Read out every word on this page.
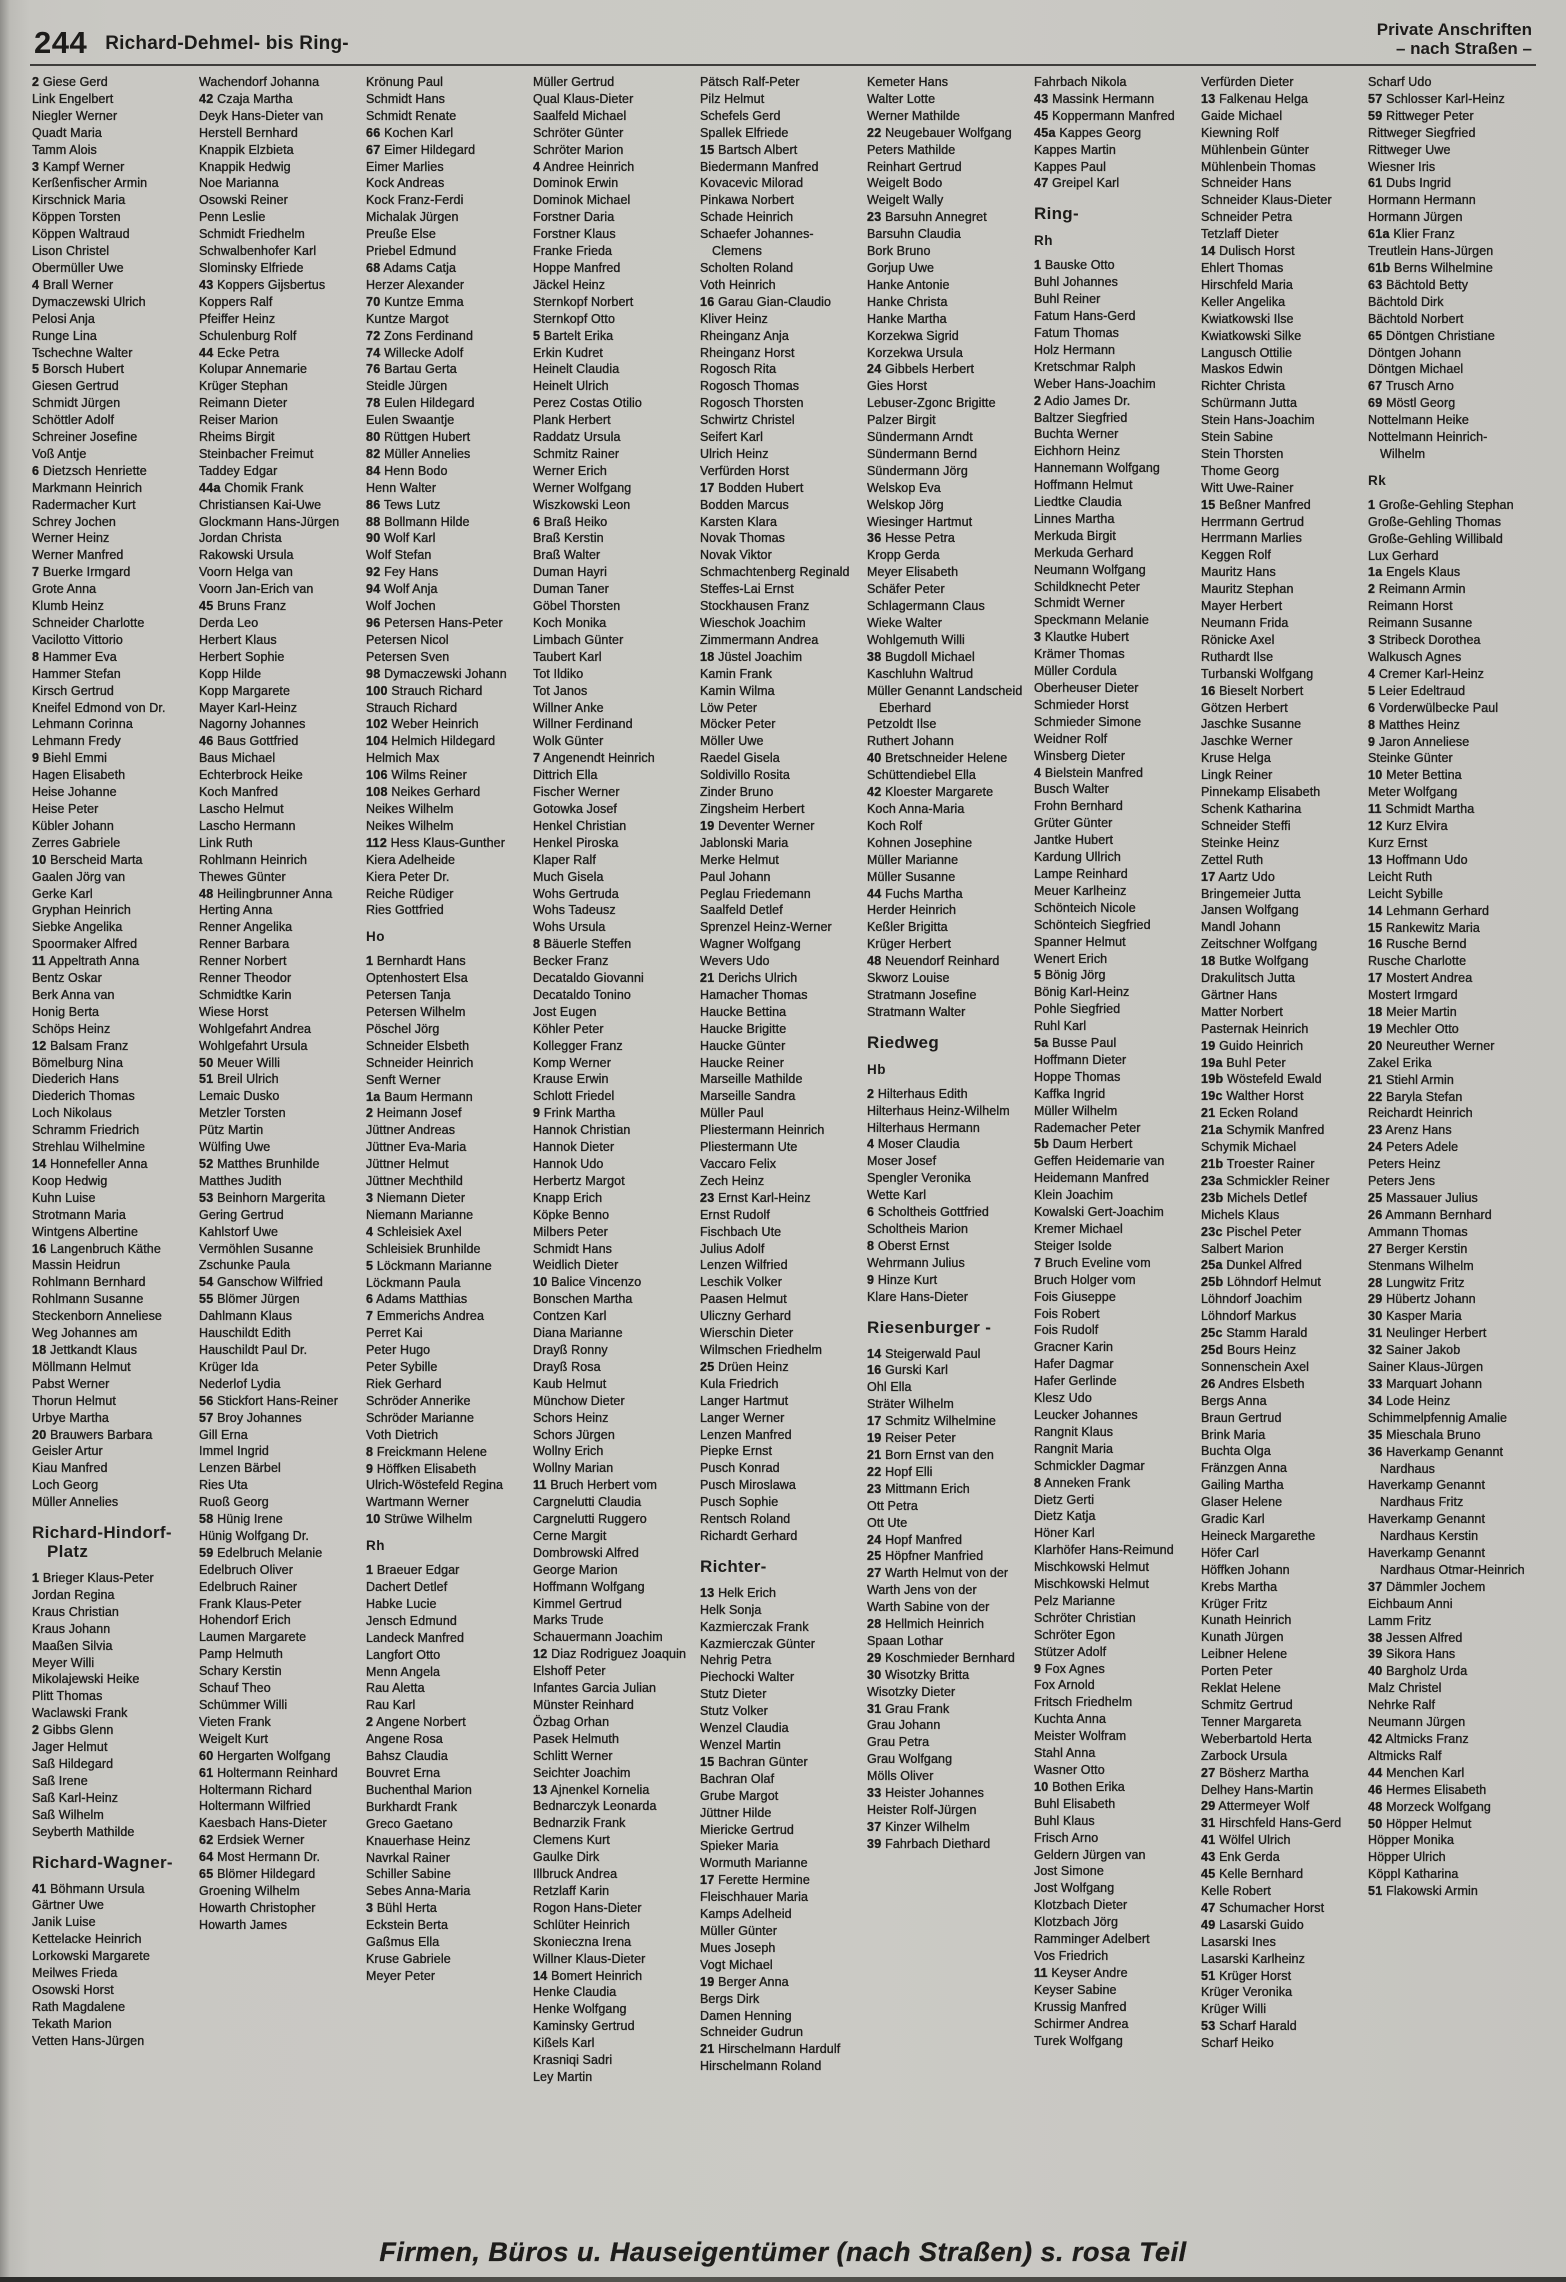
244 Richard-Dehmel- bis Ring-
Private Anschriften
– nach Straßen –
2 Giese Gerd
Link Engelbert
Niegler Werner
Quadt Maria
Tamm Alois
3 Kampf Werner
Kerßenfischer Armin
Kirschnick Maria
Köppen Torsten
Köppen Waltraud
Lison Christel
Obermüller Uwe
4 Brall Werner
Dymaczewski Ulrich
Pelosi Anja
Runge Lina
Tschechne Walter
5 Borsch Hubert
Giesen Gertrud
Schmidt Jürgen
Schöttler Adolf
Schreiner Josefine
Voß Antje
6 Dietzsch Henriette
Markmann Heinrich
Radermacher Kurt
Schrey Jochen
Werner Heinz
Werner Manfred
7 Buerke Irmgard
Grote Anna
Klumb Heinz
Schneider Charlotte
Vacilotto Vittorio
8 Hammer Eva
Hammer Stefan
Kirsch Gertrud
Kneifel Edmond von Dr.
Lehmann Corinna
Lehmann Fredy
9 Biehl Emmi
Hagen Elisabeth
Heise Johanne
Heise Peter
Kübler Johann
Zerres Gabriele
10 Berscheid Marta
Gaalen Jörg van
Gerke Karl
Gryphan Heinrich
Siebke Angelika
Spoormaker Alfred
11 Appeltrath Anna
Bentz Oskar
Berk Anna van
Honig Berta
Schöps Heinz
12 Balsam Franz
Bömelburg Nina
Diederich Hans
Diederich Thomas
Loch Nikolaus
Schramm Friedrich
Strehlau Wilhelmine
14 Honnefeller Anna
Koop Hedwig
Kuhn Luise
Strotmann Maria
Wintgens Albertine
16 Langenbruch Käthe
Massin Heidrun
Rohlmann Bernhard
Rohlmann Susanne
Steckenborn Anneliese
Weg Johannes am
18 Jettkandt Klaus
Möllmann Helmut
Pabst Werner
Thorun Helmut
Urbye Martha
20 Brauwers Barbara
Geisler Artur
Kiau Manfred
Loch Georg
Müller Annelies
Richard-Hindorf-Platz
1 Brieger Klaus-Peter
Jordan Regina
Kraus Christian
Kraus Johann
Maaßen Silvia
Meyer Willi
Mikolajewski Heike
Plitt Thomas
Waclawski Frank
2 Gibbs Glenn
Jager Helmut
Saß Hildegard
Saß Irene
Saß Karl-Heinz
Saß Wilhelm
Seyberth Mathilde
Richard-Wagner-
41 Böhmann Ursula
Gärtner Uwe
Janik Luise
Kettelacke Heinrich
Lorkowski Margarete
Meilwes Frieda
Osowski Horst
Rath Magdalene
Tekath Marion
Vetten Hans-Jürgen
Wachendorf Johanna
42 Czaja Martha
Deyk Hans-Dieter van
Herstell Bernhard
Knappik Elzbieta
Knappik Hedwig
Noe Marianna
Osowski Reiner
Penn Leslie
Schmidt Friedhelm
Schwalbenhofer Karl
Slominsky Elfriede
43 Koppers Gijsbertus
Koppers Ralf
Pfeiffer Heinz
Schulenburg Rolf
44 Ecke Petra
Kolupar Annemarie
Krüger Stephan
Reimann Dieter
Reiser Marion
Rheims Birgit
Steinbacher Freimut
Taddey Edgar
44a Chomik Frank
Christiansen Kai-Uwe
Glockmann Hans-Jürgen
Jordan Christa
Rakowski Ursula
Voorn Helga van
Voorn Jan-Erich van
45 Bruns Franz
Derda Leo
Herbert Klaus
Herbert Sophie
Kopp Hilde
Kopp Margarete
Mayer Karl-Heinz
Nagorny Johannes
46 Baus Gottfried
Baus Michael
Echterbrock Heike
Koch Manfred
Lascho Helmut
Lascho Hermann
Link Ruth
Rohlmann Heinrich
Thewes Günter
48 Heilingbrunner Anna
Herting Anna
Renner Angelika
Renner Barbara
Renner Norbert
Renner Theodor
Schmidtke Karin
Wiese Horst
Wohlgefahrt Andrea
Wohlgefahrt Ursula
50 Meuer Willi
51 Breil Ulrich
Lemaic Dusko
Metzler Torsten
Pütz Martin
Wülfing Uwe
52 Matthes Brunhilde
Matthes Judith
53 Beinhorn Margerita
Gering Gertrud
Kahlstorf Uwe
Vermöhlen Susanne
Zschunke Paula
54 Ganschow Wilfried
55 Blömer Jürgen
Dahlmann Klaus
Hauschildt Edith
Hauschildt Paul Dr.
Krüger Ida
Nederlof Lydia
56 Stickfort Hans-Reiner
57 Broy Johannes
Gill Erna
Immel Ingrid
Lenzen Bärbel
Ries Uta
Ruoß Georg
58 Hünig Irene
Hünig Wolfgang Dr.
59 Edelbruch Melanie
Edelbruch Oliver
Edelbruch Rainer
Frank Klaus-Peter
Hohendorf Erich
Laumen Margarete
Pamp Helmuth
Schary Kerstin
Schauf Theo
Schümmer Willi
Vieten Frank
Weigelt Kurt
60 Hergarten Wolfgang
61 Holtermann Reinhard
Holtermann Richard
Holtermann Wilfried
Kaesbach Hans-Dieter
62 Erdsiek Werner
64 Most Hermann Dr.
65 Blömer Hildegard
Groening Wilhelm
Howarth Christopher
Howarth James
Krönung Paul
Schmidt Hans
Schmidt Renate
66 Kochen Karl
67 Eimer Hildegard
Eimer Marlies
Kock Andreas
Kock Franz-Ferdi
Michalak Jürgen
Preuße Else
Priebel Edmund
68 Adams Catja
Herzer Alexander
70 Kuntze Emma
Kuntze Margot
72 Zons Ferdinand
74 Willecke Adolf
76 Bartau Gerta
Steidle Jürgen
78 Eulen Hildegard
Eulen Swaantje
80 Rüttgen Hubert
82 Müller Annelies
84 Henn Bodo
Henn Walter
86 Tews Lutz
88 Bollmann Hilde
90 Wolf Karl
Wolf Stefan
92 Fey Hans
94 Wolf Anja
Wolf Jochen
96 Petersen Hans-Peter
Petersen Nicol
Petersen Sven
98 Dymaczewski Johann
100 Strauch Richard
Strauch Richard
102 Weber Heinrich
104 Helmich Hildegard
Helmich Max
106 Wilms Reiner
108 Neikes Gerhard
Neikes Wilhelm
Neikes Wilhelm
112 Hess Klaus-Gunther
Kiera Adelheide
Kiera Peter Dr.
Reiche Rüdiger
Ries Gottfried
Ho
1 Bernhardt Hans
Optenhostert Elsa
Petersen Tanja
Petersen Wilhelm
Pöschel Jörg
Schneider Elsbeth
Schneider Heinrich
Senft Werner
1a Baum Hermann
2 Heimann Josef
Jüttner Andreas
Jüttner Eva-Maria
Jüttner Helmut
Jüttner Mechthild
3 Niemann Dieter
Niemann Marianne
4 Schleisiek Axel
Schleisiek Brunhilde
5 Löckmann Marianne
Löckmann Paula
6 Adams Matthias
7 Emmerichs Andrea
Perret Kai
Peter Hugo
Peter Sybille
Riek Gerhard
Schröder Annerike
Schröder Marianne
Voth Dietrich
8 Freickmann Helene
9 Höffken Elisabeth
Ulrich-Wöstefeld Regina
Wartmann Werner
10 Strüwe Wilhelm
Rh
1 Braeuer Edgar
Dachert Detlef
Habke Lucie
Jensch Edmund
Landeck Manfred
Langfort Otto
Menn Angela
Rau Aletta
Rau Karl
2 Angene Norbert
Angene Rosa
Bahsz Claudia
Bouvret Erna
Buchenthal Marion
Burkhardt Frank
Greco Gaetano
Knauerhase Heinz
Navrkal Rainer
Schiller Sabine
Sebes Anna-Maria
3 Bühl Herta
Eckstein Berta
Gaßmus Ella
Kruse Gabriele
Meyer Peter
Müller Gertrud
Qual Klaus-Dieter
Saalfeld Michael
Schröter Günter
Schröter Marion
4 Andree Heinrich
Dominok Erwin
Dominok Michael
Forstner Daria
Forstner Klaus
Franke Frieda
Hoppe Manfred
Jäckel Heinz
Sternkopf Norbert
Sternkopf Otto
5 Bartelt Erika
Erkin Kudret
Heinelt Claudia
Heinelt Ulrich
Perez Costas Otilio
Plank Herbert
Raddatz Ursula
Schmitz Rainer
Werner Erich
Werner Wolfgang
Wiszkowski Leon
6 Braß Heiko
Braß Kerstin
Braß Walter
Duman Hayri
Duman Taner
Göbel Thorsten
Koch Monika
Limbach Günter
Taubert Karl
Tot Ildiko
Tot Janos
Willner Anke
Willner Ferdinand
Wolk Günter
7 Angenendt Heinrich
Dittrich Ella
Fischer Werner
Gotowka Josef
Henkel Christian
Henkel Piroska
Klaper Ralf
Much Gisela
Wohs Gertruda
Wohs Tadeusz
Wohs Ursula
8 Bäuerle Steffen
Becker Franz
Decataldo Giovanni
Decataldo Tonino
Jost Eugen
Köhler Peter
Kollegger Franz
Komp Werner
Krause Erwin
Schlott Friedel
9 Frink Martha
Hannok Christian
Hannok Dieter
Hannok Udo
Herbertz Margot
Knapp Erich
Köpke Benno
Milbers Peter
Schmidt Hans
Weidlich Dieter
10 Balice Vincenzo
Bonschen Martha
Contzen Karl
Diana Marianne
Drayß Ronny
Drayß Rosa
Kaub Helmut
Münchow Dieter
Schors Heinz
Schors Jürgen
Wollny Erich
Wollny Marian
11 Bruch Herbert vom
Cargnelutti Claudia
Cargnelutti Ruggero
Cerne Margit
Dombrowski Alfred
George Marion
Hoffmann Wolfgang
Kimmel Gertrud
Marks Trude
Schauermann Joachim
12 Diaz Rodriguez Joaquin
Elshoff Peter
Infantes Garcia Julian
Münster Reinhard
Özbag Orhan
Pasek Helmuth
Schlitt Werner
Seichter Joachim
13 Ajnenkel Kornelia
Bednarczyk Leonarda
Bednarzik Frank
Clemens Kurt
Gaulke Dirk
Illbruck Andrea
Retzlaff Karin
Rogon Hans-Dieter
Schlüter Heinrich
Skonieczna Irena
Willner Klaus-Dieter
14 Bomert Heinrich
Henke Claudia
Henke Wolfgang
Kaminsky Gertrud
Kißels Karl
Krasniqi Sadri
Ley Martin
Pätsch Ralf-Peter
Pilz Helmut
Schefels Gerd
Spallek Elfriede
15 Bartsch Albert
Biedermann Manfred
Kovacevic Milorad
Pinkawa Norbert
Schade Heinrich
Schaefer Johannes-Clemens
Scholten Roland
Voth Heinrich
16 Garau Gian-Claudio
Kliver Heinz
Rheinganz Anja
Rheinganz Horst
Rogosch Rita
Rogosch Thomas
Rogosch Thorsten
Schwirtz Christel
Seifert Karl
Ulrich Heinz
Verfürden Horst
17 Bodden Hubert
Bodden Marcus
Karsten Klara
Novak Thomas
Novak Viktor
Schmachtenberg Reginald
Steffes-Lai Ernst
Stockhausen Franz
Wieschok Joachim
Zimmermann Andrea
18 Jüstel Joachim
Kamin Frank
Kamin Wilma
Löw Peter
Möcker Peter
Möller Uwe
Raedel Gisela
Soldivillo Rosita
Zinder Bruno
Zingsheim Herbert
19 Deventer Werner
Jablonski Maria
Merke Helmut
Paul Johann
Peglau Friedemann
Saalfeld Detlef
Sprenzel Heinz-Werner
Wagner Wolfgang
Wevers Udo
21 Derichs Ulrich
Hamacher Thomas
Haucke Bettina
Haucke Brigitte
Haucke Günter
Haucke Reiner
Marseille Mathilde
Marseille Sandra
Müller Paul
Pliestermann Heinrich
Pliestermann Ute
Vaccaro Felix
Zech Heinz
23 Ernst Karl-Heinz
Ernst Rudolf
Fischbach Ute
Julius Adolf
Lenzen Wilfried
Leschik Volker
Paasen Helmut
Uliczny Gerhard
Wierschin Dieter
Wilmschen Friedhelm
25 Drüen Heinz
Kula Friedrich
Langer Hartmut
Langer Werner
Lenzen Manfred
Piepke Ernst
Pusch Konrad
Pusch Miroslawa
Pusch Sophie
Rentsch Roland
Richardt Gerhard
Richter-
13 Helk Erich
Helk Sonja
Kazmierczak Frank
Kazmierczak Günter
Nehrig Petra
Piechocki Walter
Stutz Dieter
Stutz Volker
Wenzel Claudia
Wenzel Martin
15 Bachran Günter
Bachran Olaf
Grube Margot
Jüttner Hilde
Miericke Gertrud
Spieker Maria
Wormuth Marianne
17 Ferette Hermine
Fleischhauer Maria
Kamps Adelheid
Müller Günter
Mues Joseph
Vogt Michael
19 Berger Anna
Bergs Dirk
Damen Henning
Schneider Gudrun
21 Hirschelmann Hardulf
Hirschelmann Roland
Kemeter Hans
Walter Lotte
Werner Mathilde
22 Neugebauer Wolfgang
Peters Mathilde
Reinhart Gertrud
Weigelt Bodo
Weigelt Wally
23 Barsuhn Annegret
Barsuhn Claudia
Bork Bruno
Gorjup Uwe
Hanke Antonie
Hanke Christa
Hanke Martha
Korzekwa Sigrid
Korzekwa Ursula
24 Gibbels Herbert
Gies Horst
Lebuser-Zgonc Brigitte
Palzer Birgit
Sündermann Arndt
Sündermann Bernd
Sündermann Jörg
Welskop Eva
Welskop Jörg
Wiesinger Hartmut
36 Hesse Petra
Kropp Gerda
Meyer Elisabeth
Schäfer Peter
Schlagermann Claus
Wieke Walter
Wohlgemuth Willi
38 Bugdoll Michael
Kaschluhn Waltrud
Müller Genannt Landscheid Eberhard
Petzoldt Ilse
Ruthert Johann
40 Bretschneider Helene
Schüttendiebel Ella
42 Kloester Margarete
Koch Anna-Maria
Koch Rolf
Kohnen Josephine
Müller Marianne
Müller Susanne
44 Fuchs Martha
Herder Heinrich
Keßler Brigitta
Krüger Herbert
48 Neuendorf Reinhard
Skworz Louise
Stratmann Josefine
Stratmann Walter
Riedweg
Hb
2 Hilterhaus Edith
Hilterhaus Heinz-Wilhelm
Hilterhaus Hermann
4 Moser Claudia
Moser Josef
Spengler Veronika
Wette Karl
6 Scholtheis Gottfried
Scholtheis Marion
8 Oberst Ernst
Wehrmann Julius
9 Hinze Kurt
Klare Hans-Dieter
Riesenburger -
14 Steigerwald Paul
16 Gurski Karl
Ohl Ella
Sträter Wilhelm
17 Schmitz Wilhelmine
19 Reiser Peter
21 Born Ernst van den
22 Hopf Elli
23 Mittmann Erich
Ott Petra
Ott Ute
24 Hopf Manfred
25 Höpfner Manfried
27 Warth Helmut von der
Warth Jens von der
Warth Sabine von der
28 Hellmich Heinrich
Spaan Lothar
29 Koschmieder Bernhard
30 Wisotzky Britta
Wisotzky Dieter
31 Grau Frank
Grau Johann
Grau Petra
Grau Wolfgang
Mölls Oliver
33 Heister Johannes
Heister Rolf-Jürgen
37 Kinzer Wilhelm
39 Fahrbach Diethard
Fahrbach Nikola
43 Massink Hermann
45 Koppermann Manfred
45a Kappes Georg
Kappes Martin
Kappes Paul
47 Greipel Karl
Ring-
Rh
1 Bauske Otto
Buhl Johannes
Buhl Reiner
Fatum Hans-Gerd
Fatum Thomas
Holz Hermann
Kretschmar Ralph
Weber Hans-Joachim
2 Adio James Dr.
Baltzer Siegfried
Buchta Werner
Eichhorn Heinz
Hannemann Wolfgang
Hoffmann Helmut
Liedtke Claudia
Linnes Martha
Merkuda Birgit
Merkuda Gerhard
Neumann Wolfgang
Schildknecht Peter
Schmidt Werner
Speckmann Melanie
3 Klautke Hubert
Krämer Thomas
Müller Cordula
Oberheuser Dieter
Schmieder Horst
Schmieder Simone
Weidner Rolf
Winsberg Dieter
4 Bielstein Manfred
Busch Walter
Frohn Bernhard
Grüter Günter
Jantke Hubert
Kardung Ullrich
Lampe Reinhard
Meuer Karlheinz
Schönteich Nicole
Schönteich Siegfried
Spanner Helmut
Wenert Erich
5 Bönig Jörg
Bönig Karl-Heinz
Pohle Siegfried
Ruhl Karl
5a Busse Paul
Hoffmann Dieter
Hoppe Thomas
Kaffka Ingrid
Müller Wilhelm
Rademacher Peter
5b Daum Herbert
Geffen Heidemarie van
Heidemann Manfred
Klein Joachim
Kowalski Gert-Joachim
Kremer Michael
Steiger Isolde
7 Bruch Eveline vom
Bruch Holger vom
Fois Giuseppe
Fois Robert
Fois Rudolf
Gracner Karin
Hafer Dagmar
Hafer Gerlinde
Klesz Udo
Leucker Johannes
Rangnit Klaus
Rangnit Maria
Schmickler Dagmar
8 Anneken Frank
Dietz Gerti
Dietz Katja
Höner Karl
Klarhöfer Hans-Reimund
Mischkowski Helmut
Mischkowski Helmut
Pelz Marianne
Schröter Christian
Schröter Egon
Stützer Adolf
9 Fox Agnes
Fox Arnold
Fritsch Friedhelm
Kuchta Anna
Meister Wolfram
Stahl Anna
Wasner Otto
10 Bothen Erika
Buhl Elisabeth
Buhl Klaus
Frisch Arno
Geldern Jürgen van
Jost Simone
Jost Wolfgang
Klotzbach Dieter
Klotzbach Jörg
Ramminger Adelbert
Vos Friedrich
11 Keyser Andre
Keyser Sabine
Krussig Manfred
Schirmer Andrea
Turek Wolfgang
Verfürden Dieter
13 Falkenau Helga
Gaide Michael
Kiewning Rolf
Mühlenbein Günter
Mühlenbein Thomas
Schneider Hans
Schneider Klaus-Dieter
Schneider Petra
Tetzlaff Dieter
14 Dulisch Horst
Ehlert Thomas
Hirschfeld Maria
Keller Angelika
Kwiatkowski Ilse
Kwiatkowski Silke
Langusch Ottilie
Maskos Edwin
Richter Christa
Schürmann Jutta
Stein Hans-Joachim
Stein Sabine
Stein Thorsten
Thome Georg
Witt Uwe-Rainer
15 Beßner Manfred
Herrmann Gertrud
Herrmann Marlies
Keggen Rolf
Mauritz Hans
Mauritz Stephan
Mayer Herbert
Neumann Frida
Rönicke Axel
Ruthardt Ilse
Turbanski Wolfgang
16 Bieselt Norbert
Götzen Herbert
Jaschke Susanne
Jaschke Werner
Kruse Helga
Lingk Reiner
Pinnekamp Elisabeth
Schenk Katharina
Schneider Steffi
Steinke Heinz
Zettel Ruth
17 Aartz Udo
Bringemeier Jutta
Jansen Wolfgang
Mandl Johann
Zeitschner Wolfgang
18 Butke Wolfgang
Drakulitsch Jutta
Gärtner Hans
Matter Norbert
Pasternak Heinrich
19 Guido Heinrich
19a Buhl Peter
19b Wöstefeld Ewald
19c Walther Horst
21 Ecken Roland
21a Schymik Manfred
Schymik Michael
21b Troester Rainer
23a Schmickler Reiner
23b Michels Detlef
Michels Klaus
23c Pischel Peter
Salbert Marion
25a Dunkel Alfred
25b Löhndorf Helmut
Löhndorf Joachim
Löhndorf Markus
25c Stamm Harald
25d Bours Heinz
Sonnenschein Axel
26 Andres Elsbeth
Bergs Anna
Braun Gertrud
Brink Maria
Buchta Olga
Fränzgen Anna
Gailing Martha
Glaser Helene
Gradic Karl
Heineck Margarethe
Höfer Carl
Höffken Johann
Krebs Martha
Krüger Fritz
Kunath Heinrich
Kunath Jürgen
Leibner Helene
Porten Peter
Reklat Helene
Schmitz Gertrud
Tenner Margareta
Weberbartold Herta
Zarbock Ursula
27 Bösherz Martha
Delhey Hans-Martin
29 Attermeyer Wolf
31 Hirschfeld Hans-Gerd
41 Wölfel Ulrich
43 Enk Gerda
45 Kelle Bernhard
Kelle Robert
47 Schumacher Horst
49 Lasarski Guido
Lasarski Ines
Lasarski Karlheinz
51 Krüger Horst
Krüger Veronika
Krüger Willi
53 Scharf Harald
Scharf Heiko
Scharf Udo
57 Schlosser Karl-Heinz
59 Rittweger Peter
Rittweger Siegfried
Rittweger Uwe
Wiesner Iris
61 Dubs Ingrid
Hormann Hermann
Hormann Jürgen
61a Klier Franz
Treutlein Hans-Jürgen
61b Berns Wilhelmine
63 Bächtold Betty
Bächtold Dirk
Bächtold Norbert
65 Döntgen Christiane
Döntgen Johann
Döntgen Michael
67 Trusch Arno
69 Möstl Georg
Nottelmann Heike
Nottelmann Heinrich-Wilhelm
Rk
1 Große-Gehling Stephan
Große-Gehling Thomas
Große-Gehling Willibald
Lux Gerhard
1a Engels Klaus
2 Reimann Armin
Reimann Horst
Reimann Susanne
3 Stribeck Dorothea
Walkusch Agnes
4 Cremer Karl-Heinz
5 Leier Edeltraud
6 Vorderwülbecke Paul
8 Matthes Heinz
9 Jaron Anneliese
Steinke Günter
10 Meter Bettina
Meter Wolfgang
11 Schmidt Martha
12 Kurz Elvira
Kurz Ernst
13 Hoffmann Udo
Leicht Ruth
Leicht Sybille
14 Lehmann Gerhard
15 Rankewitz Maria
16 Rusche Bernd
Rusche Charlotte
17 Mostert Andrea
Mostert Irmgard
18 Meier Martin
19 Mechler Otto
20 Neureuther Werner
Zakel Erika
21 Stiehl Armin
22 Baryla Stefan
Reichardt Heinrich
23 Arenz Hans
24 Peters Adele
Peters Heinz
Peters Jens
25 Massauer Julius
26 Ammann Bernhard
Ammann Thomas
27 Berger Kerstin
Stenmans Wilhelm
28 Lungwitz Fritz
29 Hübertz Johann
30 Kasper Maria
31 Neulinger Herbert
32 Sainer Jakob
Sainer Klaus-Jürgen
33 Marquart Johann
34 Lode Heinz
Schimmelpfennig Amalie
35 Mieschala Bruno
36 Haverkamp Genannt Nardhaus
Haverkamp Genannt Nardhaus Fritz
Haverkamp Genannt Nardhaus Kerstin
Haverkamp Genannt Nardhaus Otmar-Heinrich
37 Dämmler Jochem
Eichbaum Anni
Lamm Fritz
38 Jessen Alfred
39 Sikora Hans
40 Bargholz Urda
Malz Christel
Nehrke Ralf
Neumann Jürgen
42 Altmicks Franz
Altmicks Ralf
44 Menchen Karl
46 Hermes Elisabeth
48 Morzeck Wolfgang
50 Höpper Helmut
Höpper Monika
Höpper Ulrich
Köppl Katharina
51 Flakowski Armin
Firmen, Büros u. Hauseigentümer (nach Straßen) s. rosa Teil
